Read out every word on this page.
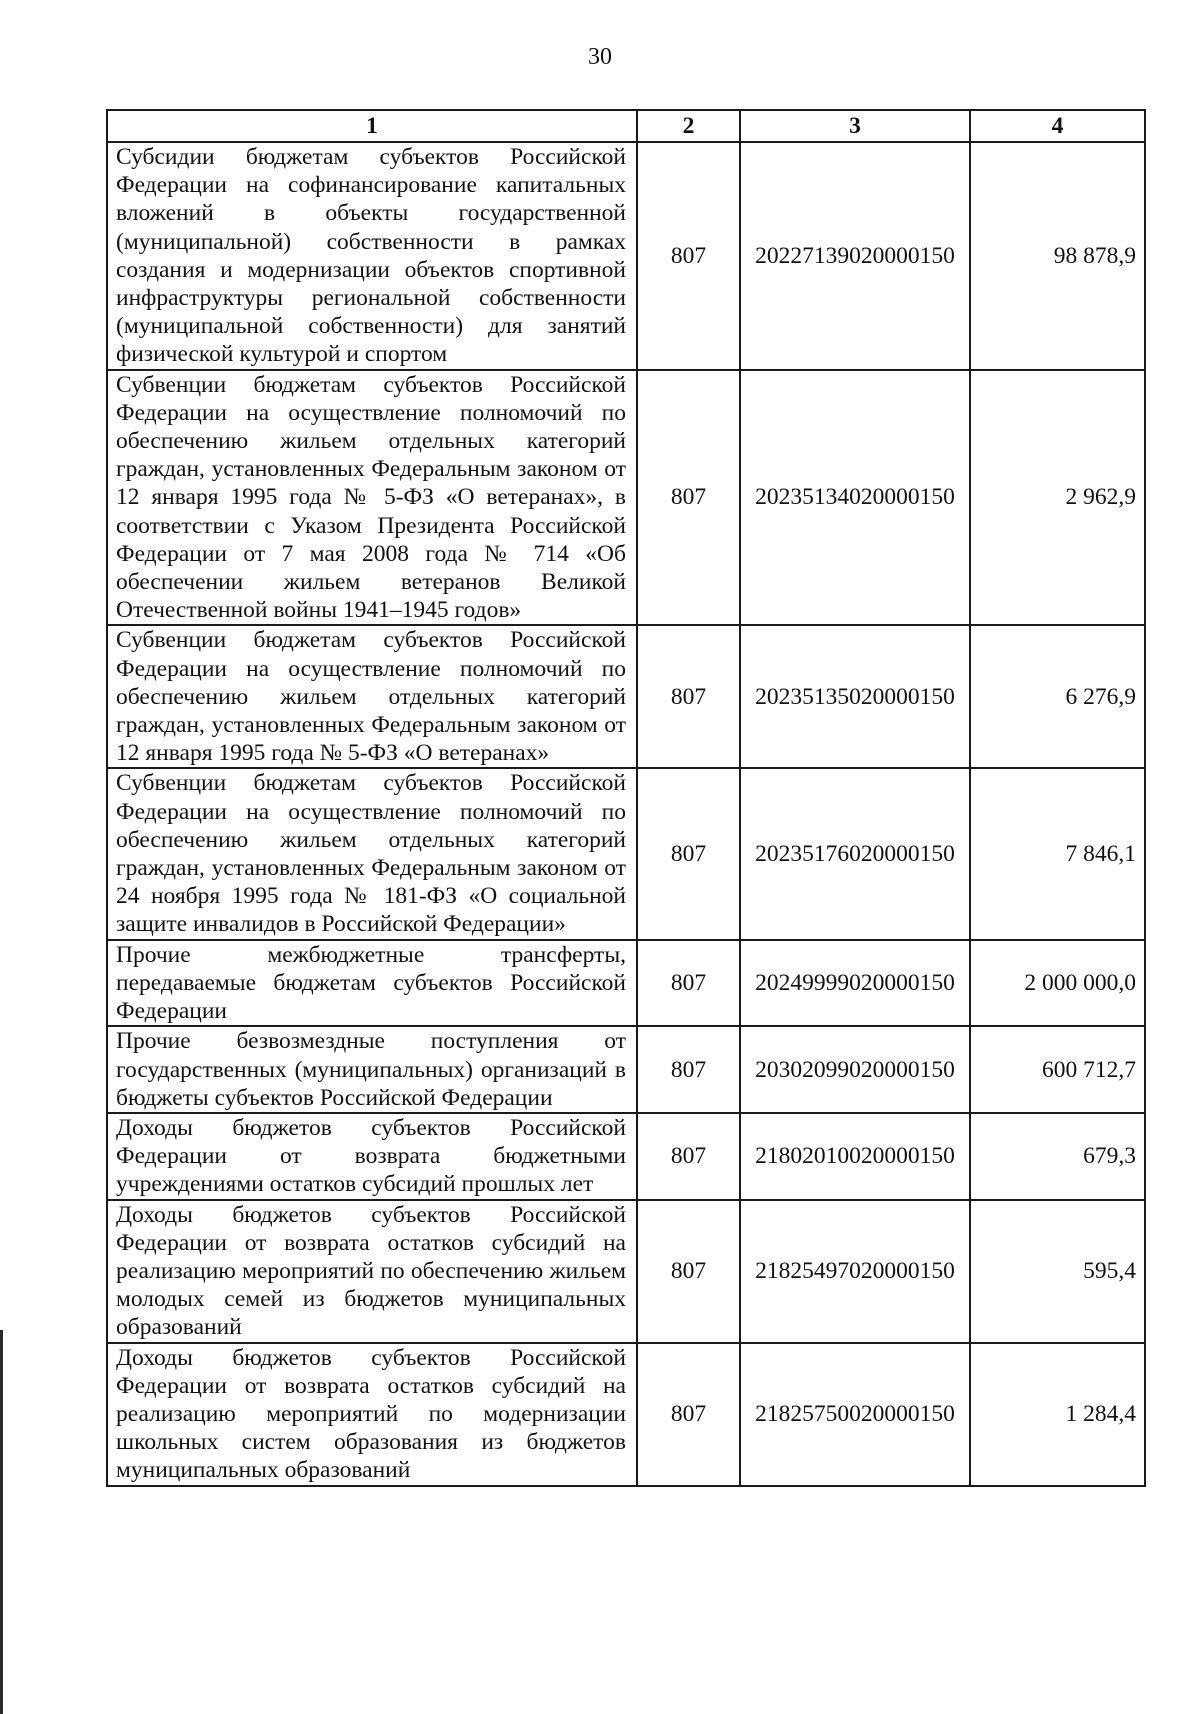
30
1	2	3	4
Субсидии бюджетам субъектов Российской Федерации на софинансирование капитальных вложений в объекты государственной (муниципальной) собственности в рамках создания и модернизации объектов спортивной инфраструктуры региональной собственности (муниципальной собственности) для занятий физической культурой и спортом	807	20227139020000150	98 878,9
Субвенции бюджетам субъектов Российской Федерации на осуществление полномочий по обеспечению жильем отдельных категорий граждан, установленных Федеральным законом от 12 января 1995 года № 5-ФЗ «О ветеранах», в соответствии с Указом Президента Российской Федерации от 7 мая 2008 года № 714 «Об обеспечении жильем ветеранов Великой Отечественной войны 1941–1945 годов»	807	20235134020000150	2 962,9
Субвенции бюджетам субъектов Российской Федерации на осуществление полномочий по обеспечению жильем отдельных категорий граждан, установленных Федеральным законом от 12 января 1995 года № 5-ФЗ «О ветеранах»	807	20235135020000150	6 276,9
Субвенции бюджетам субъектов Российской Федерации на осуществление полномочий по обеспечению жильем отдельных категорий граждан, установленных Федеральным законом от 24 ноября 1995 года № 181-ФЗ «О социальной защите инвалидов в Российской Федерации»	807	20235176020000150	7 846,1
Прочие межбюджетные трансферты, передаваемые бюджетам субъектов Российской Федерации	807	20249999020000150	2 000 000,0
Прочие безвозмездные поступления от государственных (муниципальных) организаций в бюджеты субъектов Российской Федерации	807	20302099020000150	600 712,7
Доходы бюджетов субъектов Российской Федерации от возврата бюджетными учреждениями остатков субсидий прошлых лет	807	21802010020000150	679,3
Доходы бюджетов субъектов Российской Федерации от возврата остатков субсидий на реализацию мероприятий по обеспечению жильем молодых семей из бюджетов муниципальных образований	807	21825497020000150	595,4
Доходы бюджетов субъектов Российской Федерации от возврата остатков субсидий на реализацию мероприятий по модернизации школьных систем образования из бюджетов муниципальных образований	807	21825750020000150	1 284,4
